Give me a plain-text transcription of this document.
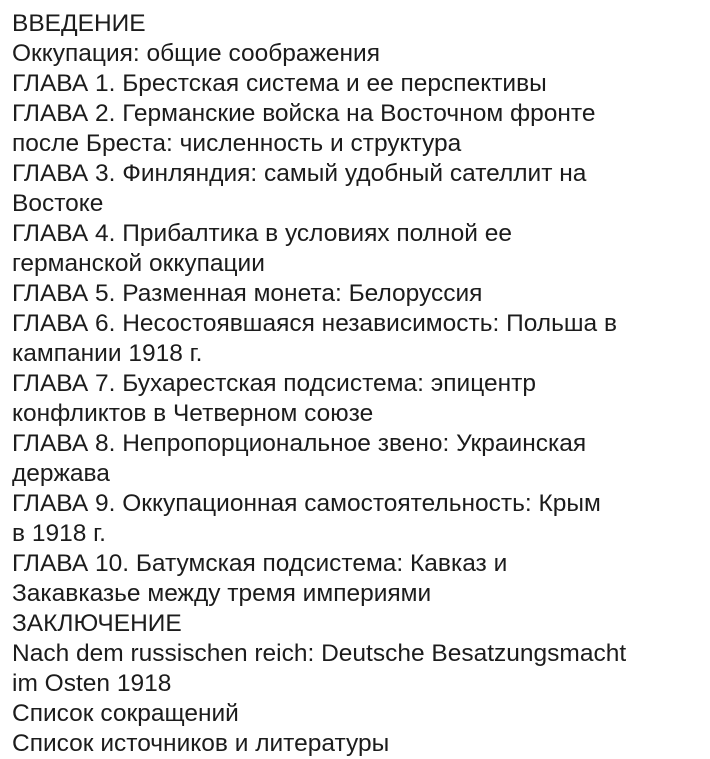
ВВЕДЕНИЕ
Оккупация: общие соображения
ГЛАВА 1. Брестская система и ее перспективы
ГЛАВА 2. Германские войска на Восточном фронте
после Бреста: численность и структура
ГЛАВА 3. Финляндия: самый удобный сателлит на
Востоке
ГЛАВА 4. Прибалтика в условиях полной ее
германской оккупации
ГЛАВА 5. Разменная монета: Белоруссия
ГЛАВА 6. Несостоявшаяся независимость: Польша в
кампании 1918 г.
ГЛАВА 7. Бухарестская подсистема: эпицентр
конфликтов в Четверном союзе
ГЛАВА 8. Непропорциональное звено: Украинская
держава
ГЛАВА 9. Оккупационная самостоятельность: Крым
в 1918 г.
ГЛАВА 10. Батумская подсистема: Кавказ и
Закавказье между тремя империями
ЗАКЛЮЧЕНИЕ
Nach dem russischen reich: Deutsche Besatzungsmacht
im Osten 1918
Список сокращений
Список источников и литературы
